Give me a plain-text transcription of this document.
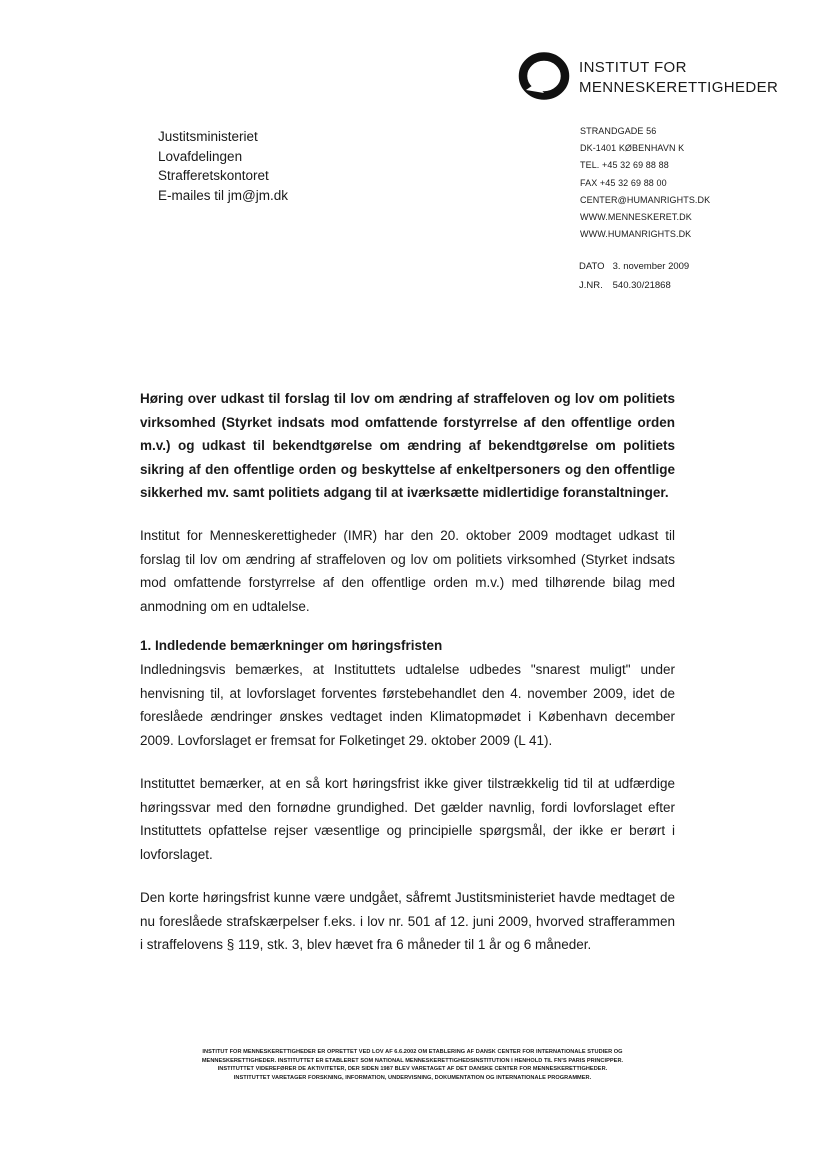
INSTITUT FOR
MENNESKERETTIGHEDER
Justitsministeriet
Lovafdelingen
Strafferetskontoret
E-mailes til jm@jm.dk
STRANDGADE 56
DK-1401 KØBENHAVN K
TEL. +45 32 69 88 88
FAX +45 32 69 88 00
CENTER@HUMANRIGHTS.DK
WWW.MENNESKERET.DK
WWW.HUMANRIGHTS.DK
DATO 3. november 2009
J.NR. 540.30/21868
Høring over udkast til forslag til lov om ændring af straffeloven og lov om politiets virksomhed (Styrket indsats mod omfattende forstyrrelse af den offentlige orden m.v.) og udkast til bekendtgørelse om ændring af bekendtgørelse om politiets sikring af den offentlige orden og beskyttelse af enkeltpersoners og den offentlige sikkerhed mv. samt politiets adgang til at iværksætte midlertidige foranstaltninger.
Institut for Menneskerettigheder (IMR) har den 20. oktober 2009 modtaget udkast til forslag til lov om ændring af straffeloven og lov om politiets virksomhed (Styrket indsats mod omfattende forstyrrelse af den offentlige orden m.v.) med tilhørende bilag med anmodning om en udtalelse.
1. Indledende bemærkninger om høringsfristen
Indledningsvis bemærkes, at Instituttets udtalelse udbedes "snarest muligt" under henvisning til, at lovforslaget forventes førstebehandlet den 4. november 2009, idet de foreslåede ændringer ønskes vedtaget inden Klimatopmødet i København december 2009. Lovforslaget er fremsat for Folketinget 29. oktober 2009 (L 41).
Instituttet bemærker, at en så kort høringsfrist ikke giver tilstrækkelig tid til at udfærdige høringssvar med den fornødne grundighed. Det gælder navnlig, fordi lovforslaget efter Instituttets opfattelse rejser væsentlige og principielle spørgsmål, der ikke er berørt i lovforslaget.
Den korte høringsfrist kunne være undgået, såfremt Justitsministeriet havde medtaget de nu foreslåede strafskærpelser f.eks. i lov nr. 501 af 12. juni 2009, hvorved strafferammen i straffelovens § 119, stk. 3, blev hævet fra 6 måneder til 1 år og 6 måneder.
INSTITUT FOR MENNESKERETTIGHEDER ER OPRETTET VED LOV AF 6.6.2002 OM ETABLERING AF DANSK CENTER FOR INTERNATIONALE STUDIER OG
MENNESKERETTIGHEDER. INSTITUTTET ER ETABLERET SOM NATIONAL MENNESKERETTIGHEDSINSTITUTION I HENHOLD TIL FN'S PARIS PRINCIPPER.
INSTITUTTET VIDEREFØRER DE AKTIVITETER, DER SIDEN 1987 BLEV VARETAGET AF DET DANSKE CENTER FOR MENNESKERETTIGHEDER.
INSTITUTTET VARETAGER FORSKNING, INFORMATION, UNDERVISNING, DOKUMENTATION OG INTERNATIONALE PROGRAMMER.
